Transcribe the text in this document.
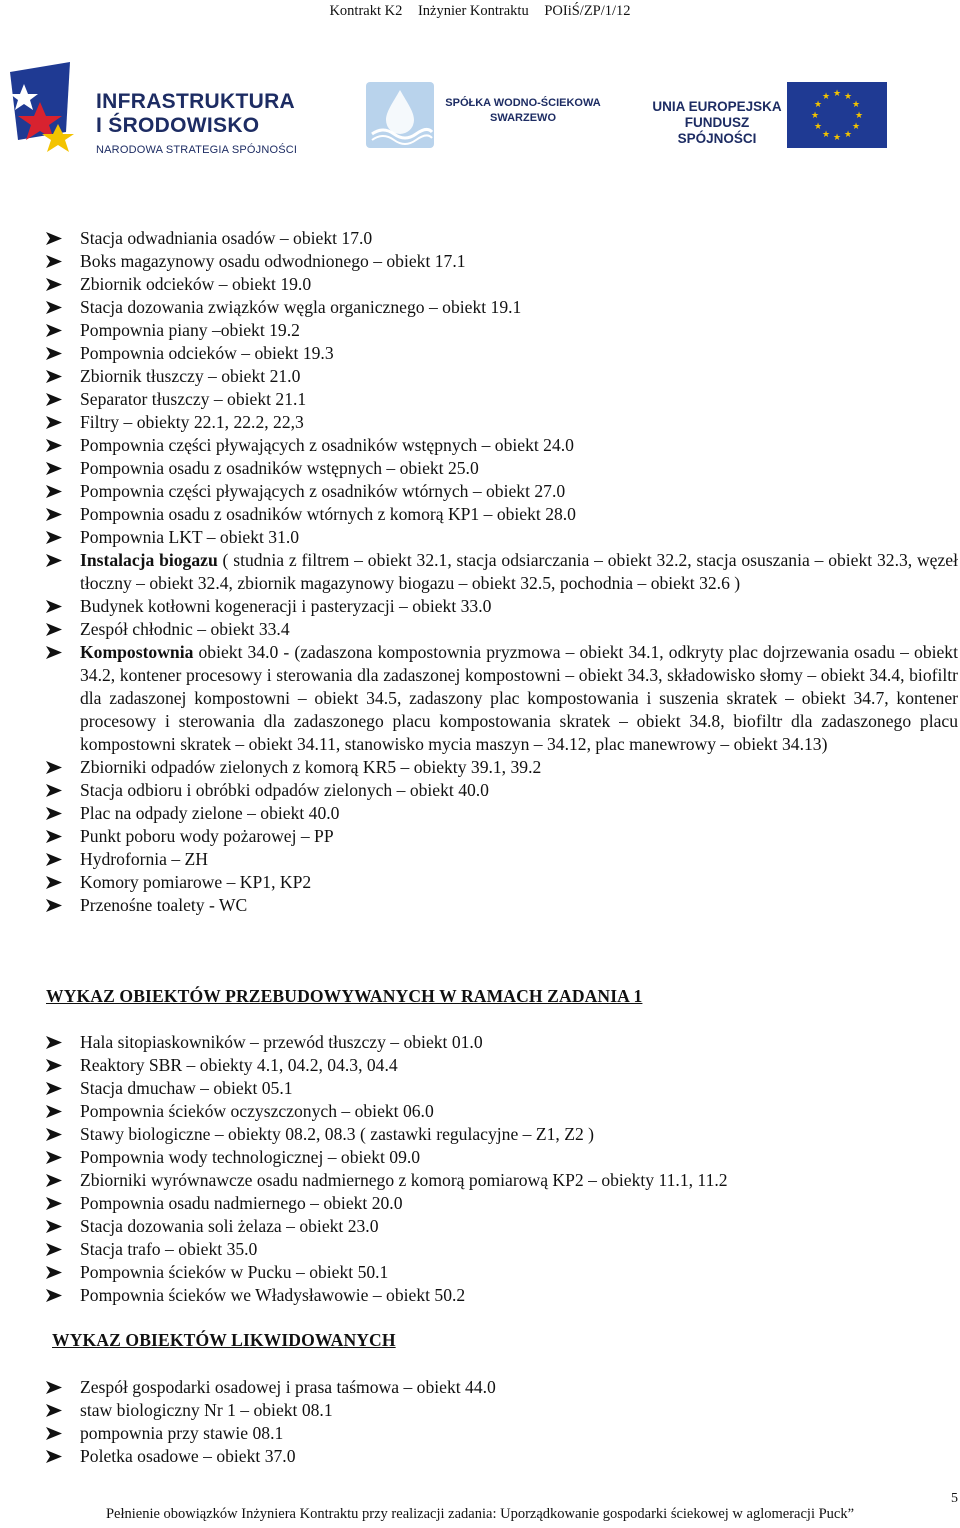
Kontrakt K2 Inżynier Kontraktu POIiŚ/ZP/1/12
INFRASTRUKTURA
I ŚRODOWISKO
NARODOWA STRATEGIA SPÓJNOŚCI
SPÓŁKA WODNO-ŚCIEKOWA
SWARZEWO
UNIA EUROPEJSKA
FUNDUSZ SPÓJNOŚCI
★ ★
★
★
★
★
★
★
★
★
★
★
Stacja odwadniania osadów – obiekt 17.0
Boks magazynowy osadu odwodnionego – obiekt 17.1
Zbiornik odcieków – obiekt 19.0
Stacja dozowania związków węgla organicznego – obiekt 19.1
Pompownia piany –obiekt 19.2
Pompownia odcieków – obiekt 19.3
Zbiornik tłuszczy – obiekt 21.0
Separator tłuszczy – obiekt 21.1
Filtry – obiekty 22.1, 22.2, 22,3
Pompownia części pływających z osadników wstępnych – obiekt 24.0
Pompownia osadu z osadników wstępnych – obiekt 25.0
Pompownia części pływających z osadników wtórnych – obiekt 27.0
Pompownia osadu z osadników wtórnych z komorą KP1 – obiekt 28.0
Pompownia LKT – obiekt 31.0
Instalacja biogazu ( studnia z filtrem – obiekt 32.1, stacja odsiarczania – obiekt 32.2, stacja osuszania – obiekt 32.3, węzeł tłoczny – obiekt 32.4, zbiornik magazynowy biogazu – obiekt 32.5, pochodnia – obiekt 32.6 )
Budynek kotłowni kogeneracji i pasteryzacji – obiekt 33.0
Zespół chłodnic – obiekt 33.4
Kompostownia obiekt 34.0 - (zadaszona kompostownia pryzmowa – obiekt 34.1, odkryty plac dojrzewania osadu – obiekt 34.2, kontener procesowy i sterowania dla zadaszonej kompostowni – obiekt 34.3, składowisko słomy – obiekt 34.4, biofiltr dla zadaszonej kompostowni – obiekt 34.5, zadaszony plac kompostowania i suszenia skratek – obiekt 34.7, kontener procesowy i sterowania dla zadaszonego placu kompostowania skratek – obiekt 34.8, biofiltr dla zadaszonego placu kompostowni skratek – obiekt 34.11, stanowisko mycia maszyn – 34.12, plac manewrowy – obiekt 34.13)
Zbiorniki odpadów zielonych z komorą KR5 – obiekty 39.1, 39.2
Stacja odbioru i obróbki odpadów zielonych – obiekt 40.0
Plac na odpady zielone – obiekt 40.0
Punkt poboru wody pożarowej – PP
Hydrofornia – ZH
Komory pomiarowe – KP1, KP2
Przenośne toalety - WC
WYKAZ OBIEKTÓW PRZEBUDOWYWANYCH W RAMACH ZADANIA 1
Hala sitopiaskowników – przewód tłuszczy – obiekt 01.0
Reaktory SBR – obiekty 4.1, 04.2, 04.3, 04.4
Stacja dmuchaw – obiekt 05.1
Pompownia ścieków oczyszczonych – obiekt 06.0
Stawy biologiczne – obiekty 08.2, 08.3 ( zastawki regulacyjne – Z1, Z2 )
Pompownia wody technologicznej – obiekt 09.0
Zbiorniki wyrównawcze osadu nadmiernego z komorą pomiarową KP2 – obiekty 11.1, 11.2
Pompownia osadu nadmiernego – obiekt 20.0
Stacja dozowania soli żelaza – obiekt 23.0
Stacja trafo – obiekt 35.0
Pompownia ścieków w Pucku – obiekt 50.1
Pompownia ścieków we Władysławowie – obiekt 50.2
WYKAZ OBIEKTÓW LIKWIDOWANYCH
Zespół gospodarki osadowej i prasa taśmowa – obiekt 44.0
staw biologiczny Nr 1 – obiekt 08.1
pompownia przy stawie 08.1
Poletka osadowe – obiekt 37.0
5
Pełnienie obowiązków Inżyniera Kontraktu przy realizacji zadania: Uporządkowanie gospodarki ściekowej w aglomeracji Puck”
